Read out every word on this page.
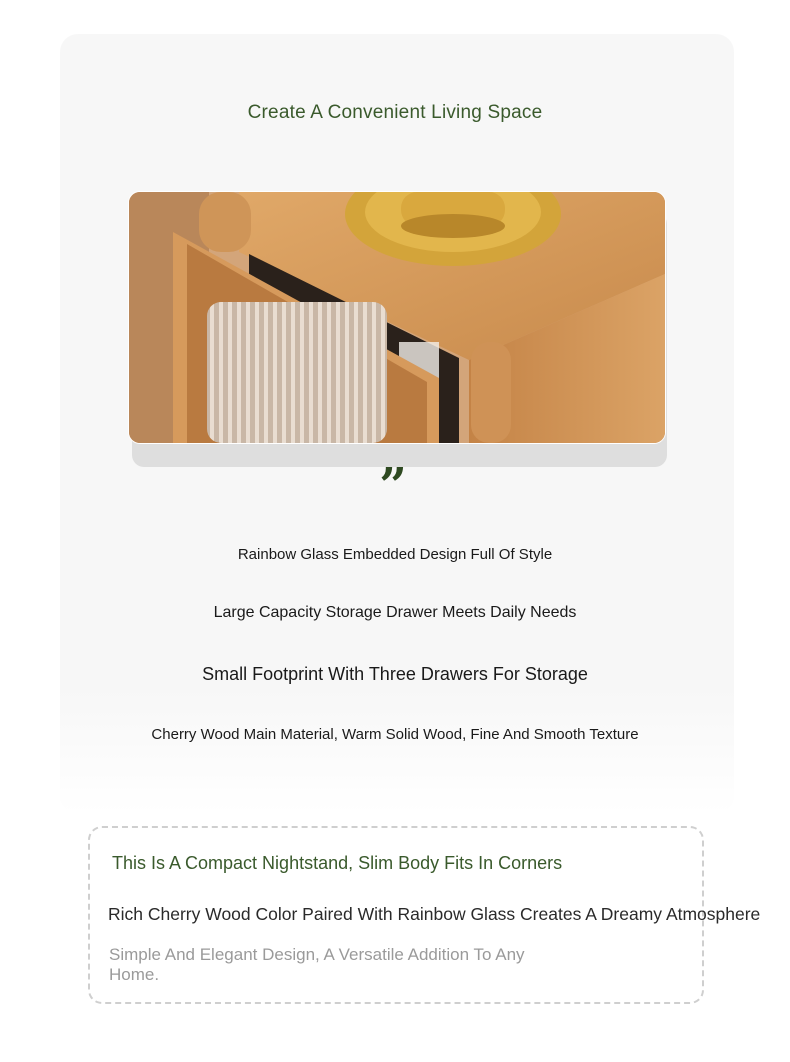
Create A Convenient Living Space
”
Rainbow Glass Embedded Design Full Of Style
Large Capacity Storage Drawer Meets Daily Needs
Small Footprint With Three Drawers For Storage
Cherry Wood Main Material, Warm Solid Wood, Fine And Smooth Texture
This Is A Compact Nightstand, Slim Body Fits In Corners
Rich Cherry Wood Color Paired With Rainbow Glass Creates A Dreamy Atmosphere
Simple And Elegant Design, A Versatile Addition To Any Home.
